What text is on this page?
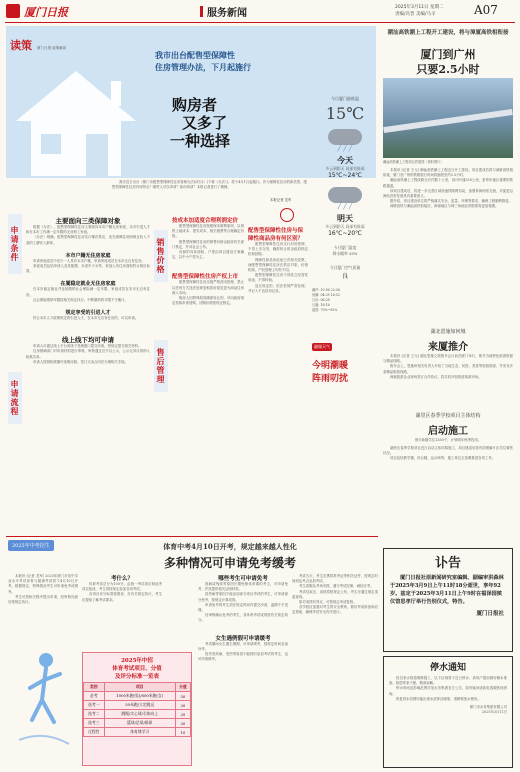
厦门日报	服务新闻
2025年3月11日 星期二
责编/冯晋 美编/马羊	A07
读策 厦门日报·政策解读
我市出台配售型保障性
住房管理办法，下月起施行
购房者
又多了
一种选择

我市近日出台《厦门市配售型保障性住房管理办法(试行)》(下称《办法》)，将于4月1日起施行。作为保障性住房的新类型，配售型保障性住房有何特点？哪些人可以申请？如何申请？本报记者进行了梳理。

本报记者 龙军
申请条件
申请流程
销售价格
售后管理
主要面向三类保障对象

根据《办法》，配售型保障性住房主要面向本市户籍无房家庭、本市引进人才和在本市工作满一定年限的无房职工家庭。

《办法》明确，配售型保障性住房实行梯次供应，优先保障住房困难且收入不高的工薪收入群体。

本市户籍无住房家庭

申请家庭成员中至少一人具有本市户籍，申请家庭成员在本市无自有住房。

家庭成员包括申请人及其配偶、未成年子女等，家庭人均住房面积符合相应标准。

在厦稳定就业无住房家庭

在本市稳定就业并连续缴纳社会保险满一定年限，家庭成员在本市无自有住房。

社会保险缴纳年限按相关规定执行，中断缴纳的年限不予累计。

规定享受的引进人才

符合本市人才政策规定的引进人才，在本市无自有住房的，可以申请。

线上线下均可申请

申请人可通过线上平台或线下受理窗口提交申请，按规定提交相关材料。

住房保障部门对申请材料进行审核，审核通过后予以公示，公示无异议的纳入轮候名单。

申请人按照轮候顺序选购房源，签订买卖合同后办理相关手续。

按成本加适度合理利润定价

配售型保障性住房按照保本微利原则，以划拨土地成本、建安成本、相关税费等合理确定价格。

配售型保障性住房的销售价格由政府有关部门核定，并向社会公布。

房源的具体面积、户型由项目建设方案确定，以中小户型为主。

配售型保障性住房产权上市

配售型保障性住房实施严格封闭管理，禁止以任何方式违法违规变相将房屋变更为商品住房流入市场。

购房人因特殊原因确需转让的，可向政府指定机构申请回购，回购价格按规定核定。

配售型保障性住房与保障性商品房有何区别？

配售型保障性住房实行封闭管理，不得上市交易，确需转让的由政府指定机构回购。

保障性商品房此前已有相关政策，而配售型保障性住房在供应对象、价格机制、产权管理上均有不同。

配售型保障性住房不得设立经营性用途，不得转租。

违反规定的，依法依规严肃处理，并记入不良信用记录。

今日厦门最低温
15℃
╱ ╱ ╱
今天
多云到阴天 局部有阵雨
15℃~24℃
╱ ╱ ╱
明天
多云到阴天 局部有阵雨
16℃~20℃
今日厦门湿度
降水概率 45%
今日厦门空气质量
良
潮汐: 10:56 22:36
低潮: 04:35 16:52
日出: 06:28
日落: 18:16
湿度: 70%~95%
融媒天气
今明潮暖
阵雨叨扰
潮汕高铁潮上工程开工建设，将与漳厦高铁相衔接
厦门到广州
只要2.5小时
潮汕高铁潮上工程项目效果图（资料图片）

本报讯 (记者 王元) 潮汕高铁潮上工程近日开工建设。项目建成后将与漳厦高铁相衔接，厦门至广州的铁路旅行时间将缩短至约2.5小时。

潮汕高铁潮上工程线路全长约数十公里，设计时速350公里，是粤东地区重要的铁路通道。

该项目建成后，将进一步完善区域高速铁路网布局，加强粤闽两省交流，对促进沿海经济带发展具有重要意义。

据介绍，项目建设单位将严格落实安全、质量、环保等要求，确保工程顺利推进。

漳厦高铁与潮汕高铁衔接后，闽南地区与珠三角地区的联系将更加便捷。

湖北恩施如何城
来厦推介

本报讯 (记者 王元) 湖北恩施文旅推介会日前在厦门举行，推介当地特色旅游资源与精品线路。

推介会上，恩施州相关负责人介绍了当地生态、民俗、美食等旅游资源，并发布多条精品旅游线路。

两地旅游企业现场签订合作协议，将共同开拓旅游客源市场。

湖里区春季学校项目主体结构
启动施工
预计新增学位1350个，计划明年秋季投用。

湖里区春季学校项目近日启动主体结构施工，项目建成后将有效缓解片区学位紧张状况。

项目包括教学楼、综合楼、运动场等，施工单位正加紧推进各项工作。

讣告
厦门日报社原新闻研究室编辑、副编审洪森林于2025年3月9日上午11时18分逝世，享年92岁。兹定于2025年3月11日上午9时在福泽园殡仪馆思孝厅举行告别仪式，特告。
厦门日报社
停水通知

因自来水管道维修施工，以下区域将于近日停水，请用户提前做好储水准备。给您带来不便，敬请谅解。

停水时间及影响范围详见水务集团官方公告，如有疑问请致电客服热线咨询。

恢复供水初期可能出现水质浑浊现象，请稍候放水使用。

厦门市水务集团有限公司
2025年3月11日
2025年中考招生	体育中考4月10日开考，规定越来越人性化
多种情况可申请免考缓考

本报讯 (记者 龙军) 2025年厦门市初中学业水平考试体育与健康考试将于4月10日开考。根据规定，特殊情况考生可申请免考或缓考。

考生可按相关程序提出申请，经审核同意后按规定执行。

考什么？

体育考试总分为100分，由统一考试项目和选考项目组成，考生须按规定参加各项考试。

各项目评分标准按照省、市有关规定执行，考生应提前了解考试要求。

2025年中招
体育考试项目、分值
及评分标准一览表
类别	项目	分值
必考	1000米跑(男)/800米跑(女)	30
选考一	50米跑/立定跳远	20
选考二	跳绳/实心球/引体向上	20
选考三	篮球/足球/排球	20
过程性	体育课学习	10
哪些考生可申请免考

因病或残疾等原因长期免修体育课的考生，可申请免考，并须提供相关证明材料。

因伤病等原因不能参加部分项目考试的考生，可申请部分免考，按规定计算成绩。

申请免考的考生须在规定时间内提交申请，逾期不予受理。

经审核确认免考的考生，其体育考试成绩按有关规定给分。

女生遇例假可申请缓考

考试期间女生遇生理期，可申请缓考，按规定时间参加补考。

因突发疾病、受伤等原因不能按时参加考试的考生，也可申请缓考。

考试当天，考生应携带准考证等相关证件，按规定时间到达考点参加考试。

考生须服从考场安排，遵守考试纪律，诚信应考。

考试结束后，成绩将按规定公布，考生可通过指定渠道查询。

如对成绩有异议，可按规定申请复核。

各学校应加强对考生的安全教育，做好考前准备和应急预案，确保考试安全有序进行。
